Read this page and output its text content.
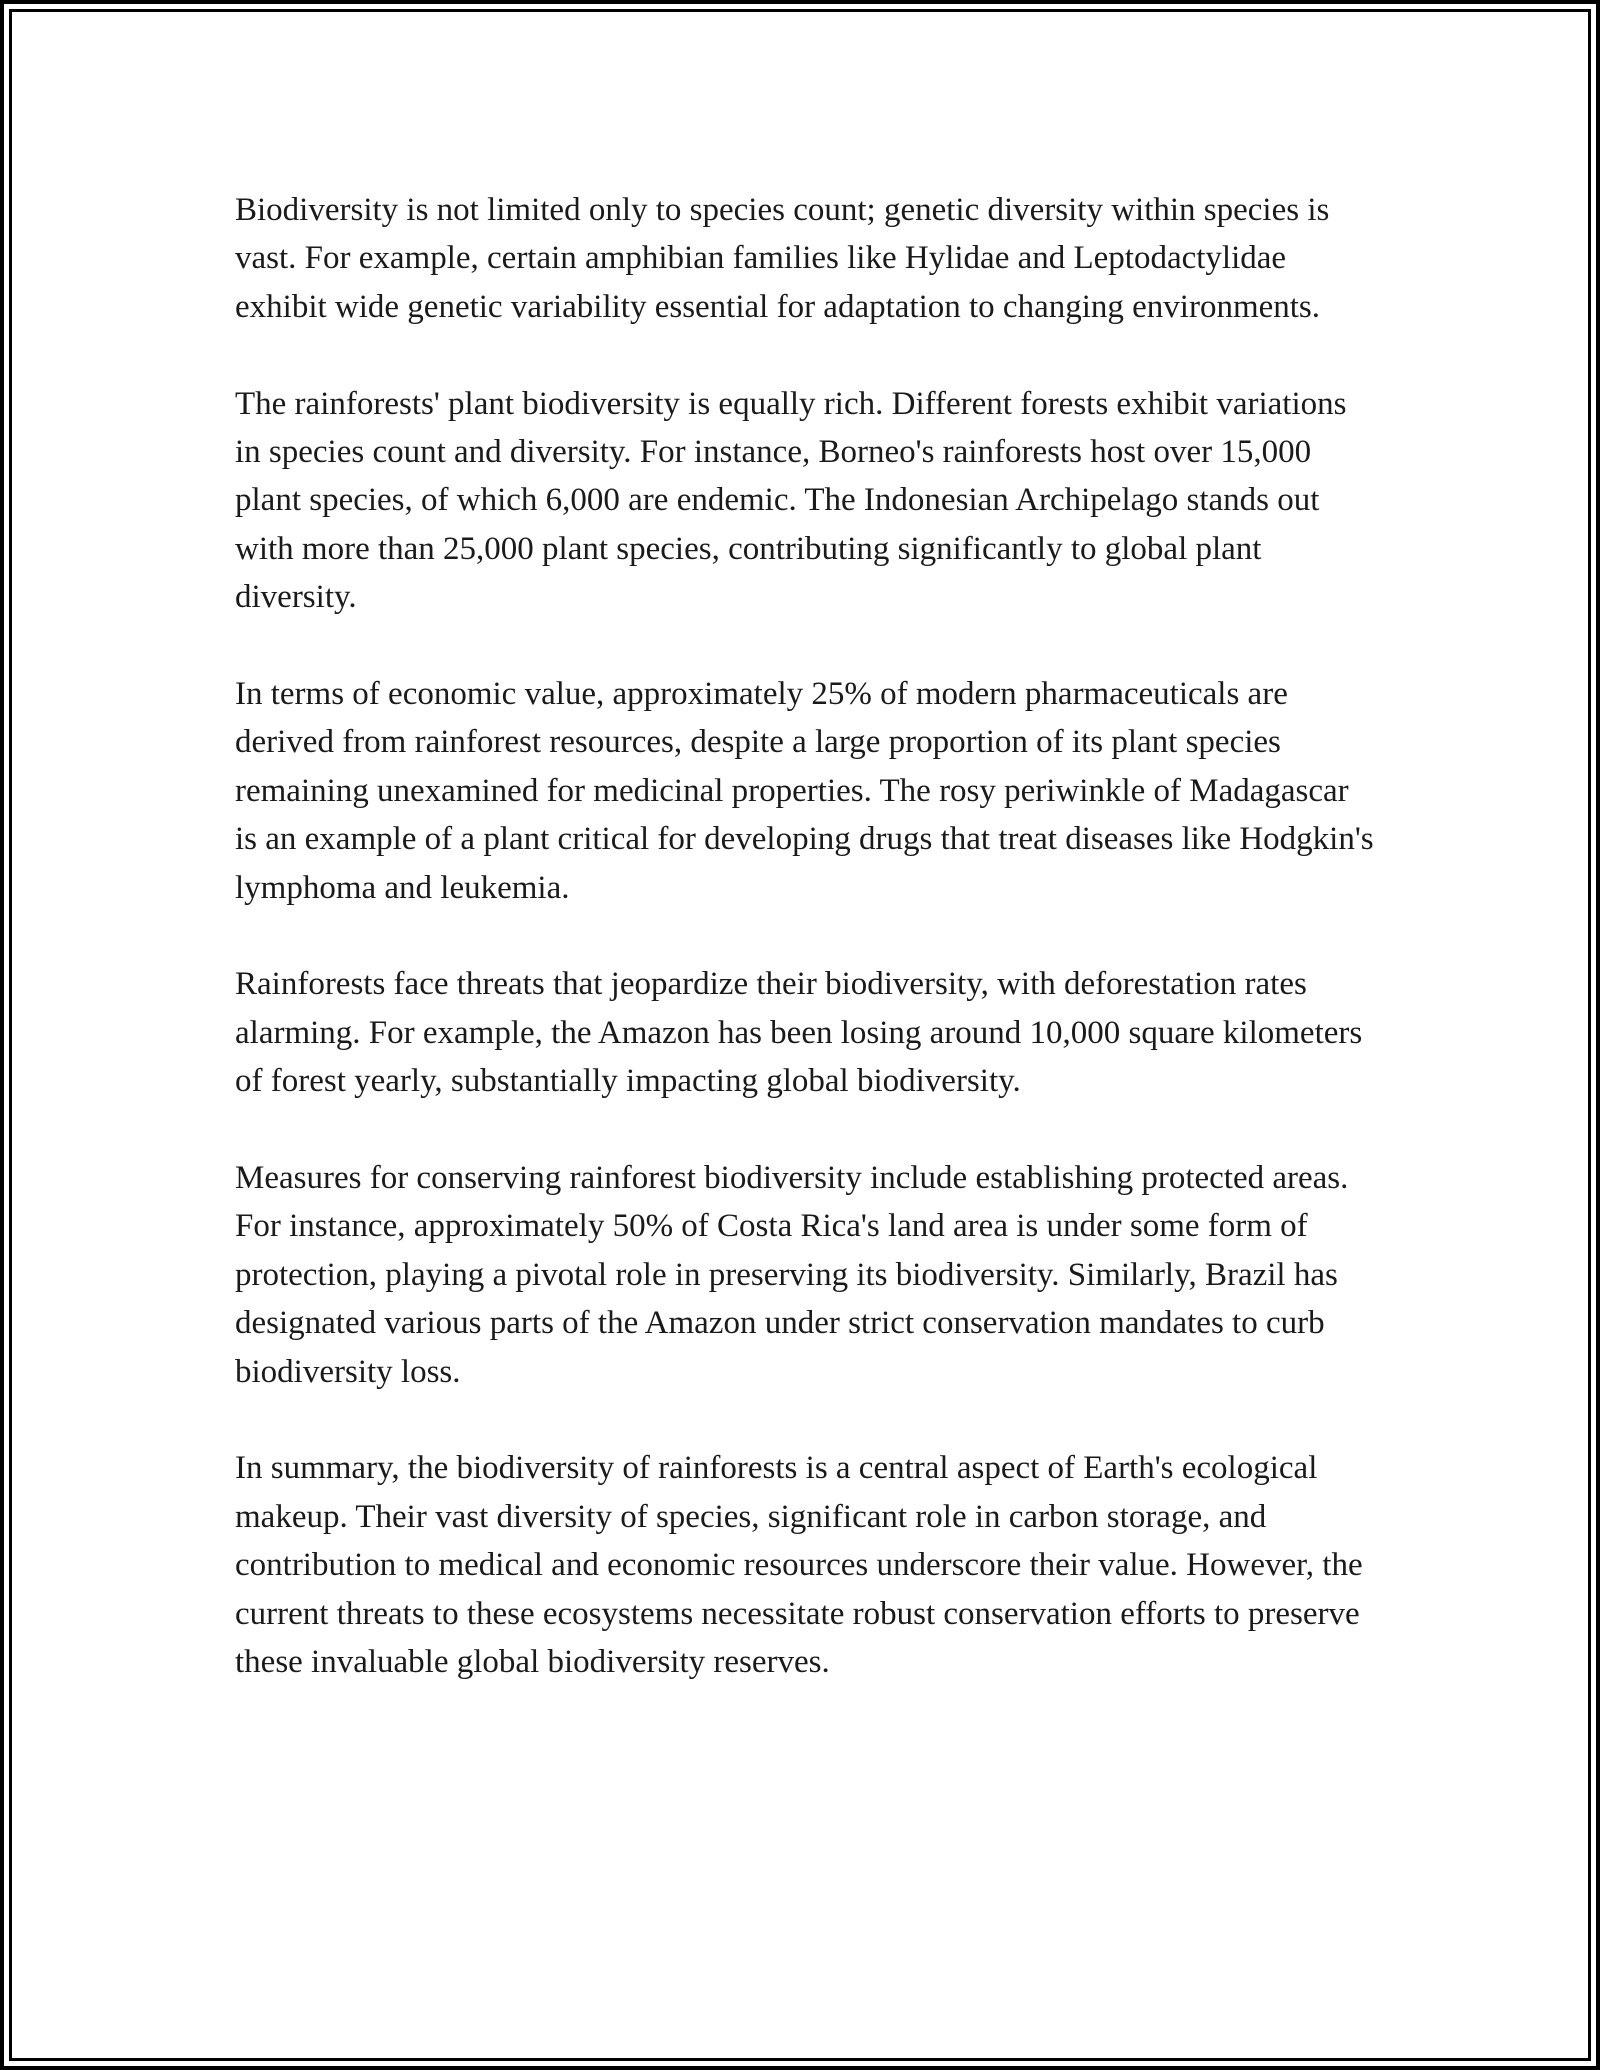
Biodiversity is not limited only to species count; genetic diversity within species is vast. For example, certain amphibian families like Hylidae and Leptodactylidae exhibit wide genetic variability essential for adaptation to changing environments.

The rainforests' plant biodiversity is equally rich. Different forests exhibit variations in species count and diversity. For instance, Borneo's rainforests host over 15,000 plant species, of which 6,000 are endemic. The Indonesian Archipelago stands out with more than 25,000 plant species, contributing significantly to global plant diversity.

In terms of economic value, approximately 25% of modern pharmaceuticals are derived from rainforest resources, despite a large proportion of its plant species remaining unexamined for medicinal properties. The rosy periwinkle of Madagascar is an example of a plant critical for developing drugs that treat diseases like Hodgkin's lymphoma and leukemia.

Rainforests face threats that jeopardize their biodiversity, with deforestation rates alarming. For example, the Amazon has been losing around 10,000 square kilometers of forest yearly, substantially impacting global biodiversity.

Measures for conserving rainforest biodiversity include establishing protected areas. For instance, approximately 50% of Costa Rica's land area is under some form of protection, playing a pivotal role in preserving its biodiversity. Similarly, Brazil has designated various parts of the Amazon under strict conservation mandates to curb biodiversity loss.

In summary, the biodiversity of rainforests is a central aspect of Earth's ecological makeup. Their vast diversity of species, significant role in carbon storage, and contribution to medical and economic resources underscore their value. However, the current threats to these ecosystems necessitate robust conservation efforts to preserve these invaluable global biodiversity reserves.
